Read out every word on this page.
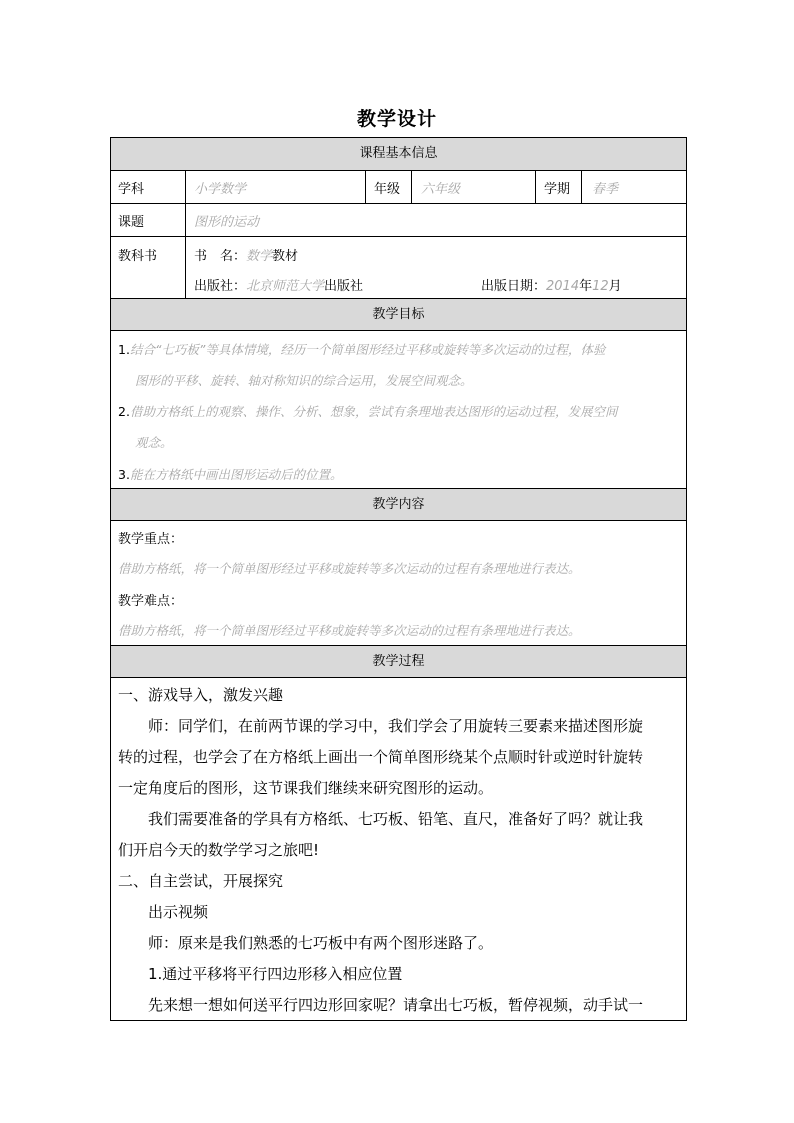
教学设计
课程基本信息
学科	小学数学	年级 六年级	学期 春季
课题	图形的运动
教科书	书　名：数学教材
出版社：北京师范大学出版社	出版日期：2014年12月
教学目标
1.结合“七巧板”等具体情境，经历一个简单图形经过平移或旋转等多次运动的过程，体验
图形的平移、旋转、轴对称知识的综合运用，发展空间观念。
2.借助方格纸上的观察、操作、分析、想象，尝试有条理地表达图形的运动过程，发展空间
观念。
3.能在方格纸中画出图形运动后的位置。
教学内容
教学重点：
借助方格纸，将一个简单图形经过平移或旋转等多次运动的过程有条理地进行表达。
教学难点：
借助方格纸，将一个简单图形经过平移或旋转等多次运动的过程有条理地进行表达。
教学过程
一、游戏导入，激发兴趣
　　师：同学们，在前两节课的学习中，我们学会了用旋转三要素来描述图形旋
转的过程，也学会了在方格纸上画出一个简单图形绕某个点顺时针或逆时针旋转
一定角度后的图形，这节课我们继续来研究图形的运动。
　　我们需要准备的学具有方格纸、七巧板、铅笔、直尺，准备好了吗？就让我
们开启今天的数学学习之旅吧!
二、自主尝试，开展探究
　　出示视频
　　师：原来是我们熟悉的七巧板中有两个图形迷路了。
　　1.通过平移将平行四边形移入相应位置
　　先来想一想如何送平行四边形回家呢？请拿出七巧板，暂停视频，动手试一
